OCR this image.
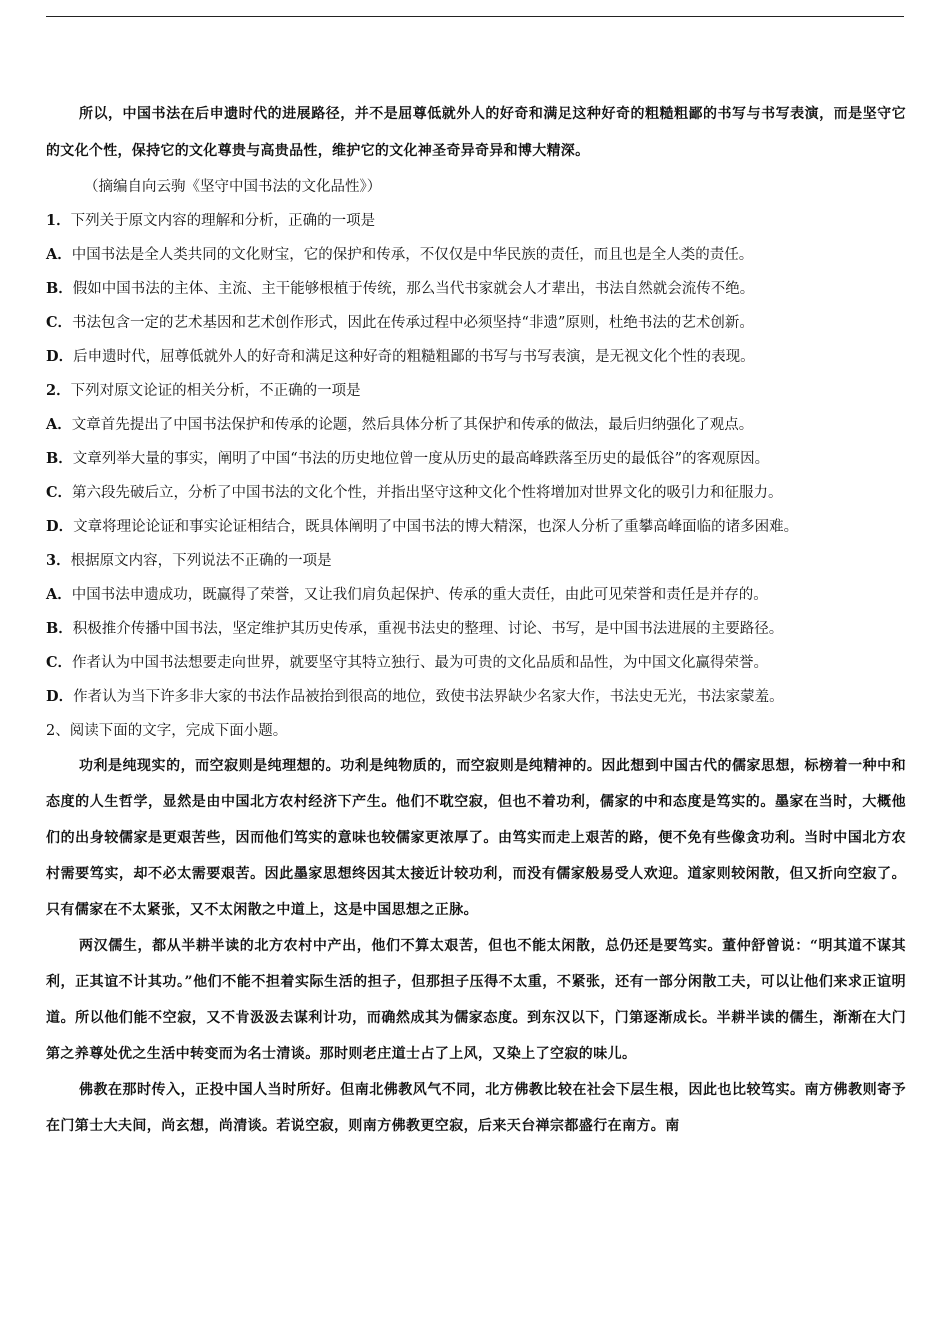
所以，中国书法在后申遗时代的进展路径，并不是屈尊低就外人的好奇和满足这种好奇的粗糙粗鄙的书写与书写表演，而是坚守它的文化个性，保持它的文化尊贵与高贵品性，维护它的文化神圣奇异奇异和博大精深。

（摘编自向云驹《坚守中国书法的文化品性》）

1．下列关于原文内容的理解和分析，正确的一项是

A．中国书法是全人类共同的文化财宝，它的保护和传承，不仅仅是中华民族的责任，而且也是全人类的责任。

B．假如中国书法的主体、主流、主干能够根植于传统，那么当代书家就会人才辈出，书法自然就会流传不绝。

C．书法包含一定的艺术基因和艺术创作形式，因此在传承过程中必须坚持“非遗”原则，杜绝书法的艺术创新。

D．后申遗时代，屈尊低就外人的好奇和满足这种好奇的粗糙粗鄙的书写与书写表演，是无视文化个性的表现。

2．下列对原文论证的相关分析，不正确的一项是

A．文章首先提出了中国书法保护和传承的论题，然后具体分析了其保护和传承的做法，最后归纳强化了观点。

B．文章列举大量的事实，阐明了中国“书法的历史地位曾一度从历史的最高峰跌落至历史的最低谷”的客观原因。

C．第六段先破后立，分析了中国书法的文化个性，并指出坚守这种文化个性将增加对世界文化的吸引力和征服力。

D．文章将理论论证和事实论证相结合，既具体阐明了中国书法的博大精深，也深人分析了重攀高峰面临的诸多困难。

3．根据原文内容，下列说法不正确的一项是

A．中国书法申遗成功，既赢得了荣誉，又让我们肩负起保护、传承的重大责任，由此可见荣誉和责任是并存的。

B．积极推介传播中国书法，坚定维护其历史传承，重视书法史的整理、讨论、书写，是中国书法进展的主要路径。

C．作者认为中国书法想要走向世界，就要坚守其特立独行、最为可贵的文化品质和品性，为中国文化赢得荣誉。

D．作者认为当下许多非大家的书法作品被抬到很高的地位，致使书法界缺少名家大作，书法史无光，书法家蒙羞。

2、阅读下面的文字，完成下面小题。

功利是纯现实的，而空寂则是纯理想的。功利是纯物质的，而空寂则是纯精神的。因此想到中国古代的儒家思想，标榜着一种中和态度的人生哲学，显然是由中国北方农村经济下产生。他们不耽空寂，但也不着功利，儒家的中和态度是笃实的。墨家在当时，大概他们的出身较儒家是更艰苦些，因而他们笃实的意味也较儒家更浓厚了。由笃实而走上艰苦的路，便不免有些像贪功利。当时中国北方农村需要笃实，却不必太需要艰苦。因此墨家思想终因其太接近计较功利，而没有儒家般易受人欢迎。道家则较闲散，但又折向空寂了。只有儒家在不太紧张，又不太闲散之中道上，这是中国思想之正脉。

两汉儒生，都从半耕半读的北方农村中产出，他们不算太艰苦，但也不能太闲散，总仍还是要笃实。董仲舒曾说：“明其道不谋其利，正其谊不计其功。”他们不能不担着实际生活的担子，但那担子压得不太重，不紧张，还有一部分闲散工夫，可以让他们来求正谊明道。所以他们能不空寂，又不肯汲汲去谋利计功，而确然成其为儒家态度。到东汉以下，门第逐渐成长。半耕半读的儒生，渐渐在大门第之养尊处优之生活中转变而为名士清谈。那时则老庄道士占了上风，又染上了空寂的味儿。

佛教在那时传入，正投中国人当时所好。但南北佛教风气不同，北方佛教比较在社会下层生根，因此也比较笃实。南方佛教则寄予在门第士大夫间，尚玄想，尚清谈。若说空寂，则南方佛教更空寂，后来天台禅宗都盛行在南方。南
